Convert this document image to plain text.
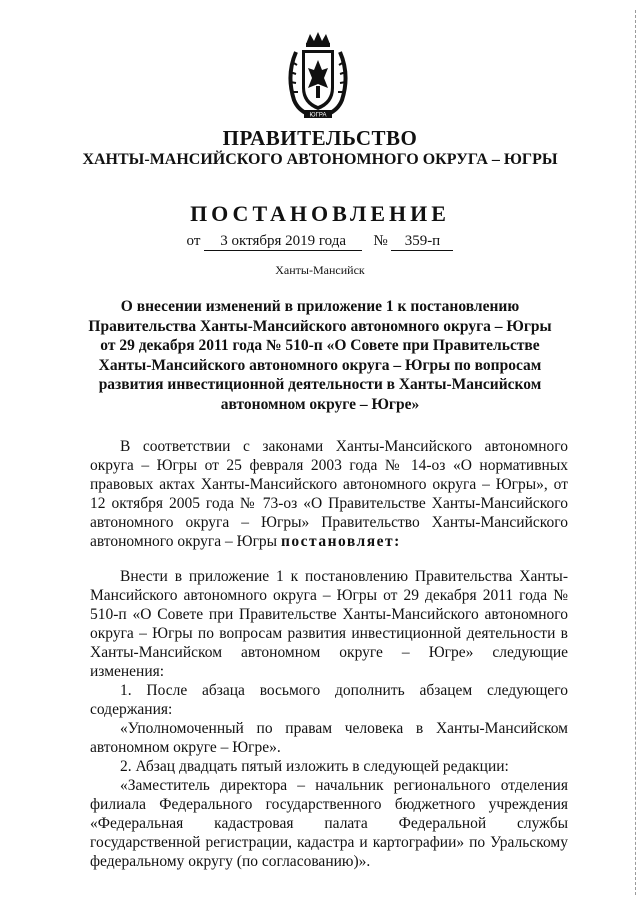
ЮГРА
ПРАВИТЕЛЬСТВО
ХАНТЫ-МАНСИЙСКОГО АВТОНОМНОГО ОКРУГА – ЮГРЫ
ПОСТАНОВЛЕНИЕ
от 3 октября 2019 года № 359-п
Ханты-Мансийск
О внесении изменений в приложение 1 к постановлению Правительства Ханты-Мансийского автономного округа – Югры от 29 декабря 2011 года № 510-п «О Совете при Правительстве Ханты-Мансийского автономного округа – Югры по вопросам развития инвестиционной деятельности в Ханты-Мансийском автономном округе – Югре»

В соответствии с законами Ханты-Мансийского автономного округа – Югры от 25 февраля 2003 года № 14-оз «О нормативных правовых актах Ханты-Мансийского автономного округа – Югры», от 12 октября 2005 года № 73-оз «О Правительстве Ханты-Мансийского автономного округа – Югры» Правительство Ханты-Мансийского автономного округа – Югры постановляет:

Внести в приложение 1 к постановлению Правительства Ханты-Мансийского автономного округа – Югры от 29 декабря 2011 года № 510-п «О Совете при Правительстве Ханты-Мансийского автономного округа – Югры по вопросам развития инвестиционной деятельности в Ханты-Мансийском автономном округе – Югре» следующие изменения:

1. После абзаца восьмого дополнить абзацем следующего содержания:

«Уполномоченный по правам человека в Ханты-Мансийском автономном округе – Югре».

2. Абзац двадцать пятый изложить в следующей редакции:

«Заместитель директора – начальник регионального отделения филиала Федерального государственного бюджетного учреждения «Федеральная кадастровая палата Федеральной службы государственной регистрации, кадастра и картографии» по Уральскому федеральному округу (по согласованию)».
